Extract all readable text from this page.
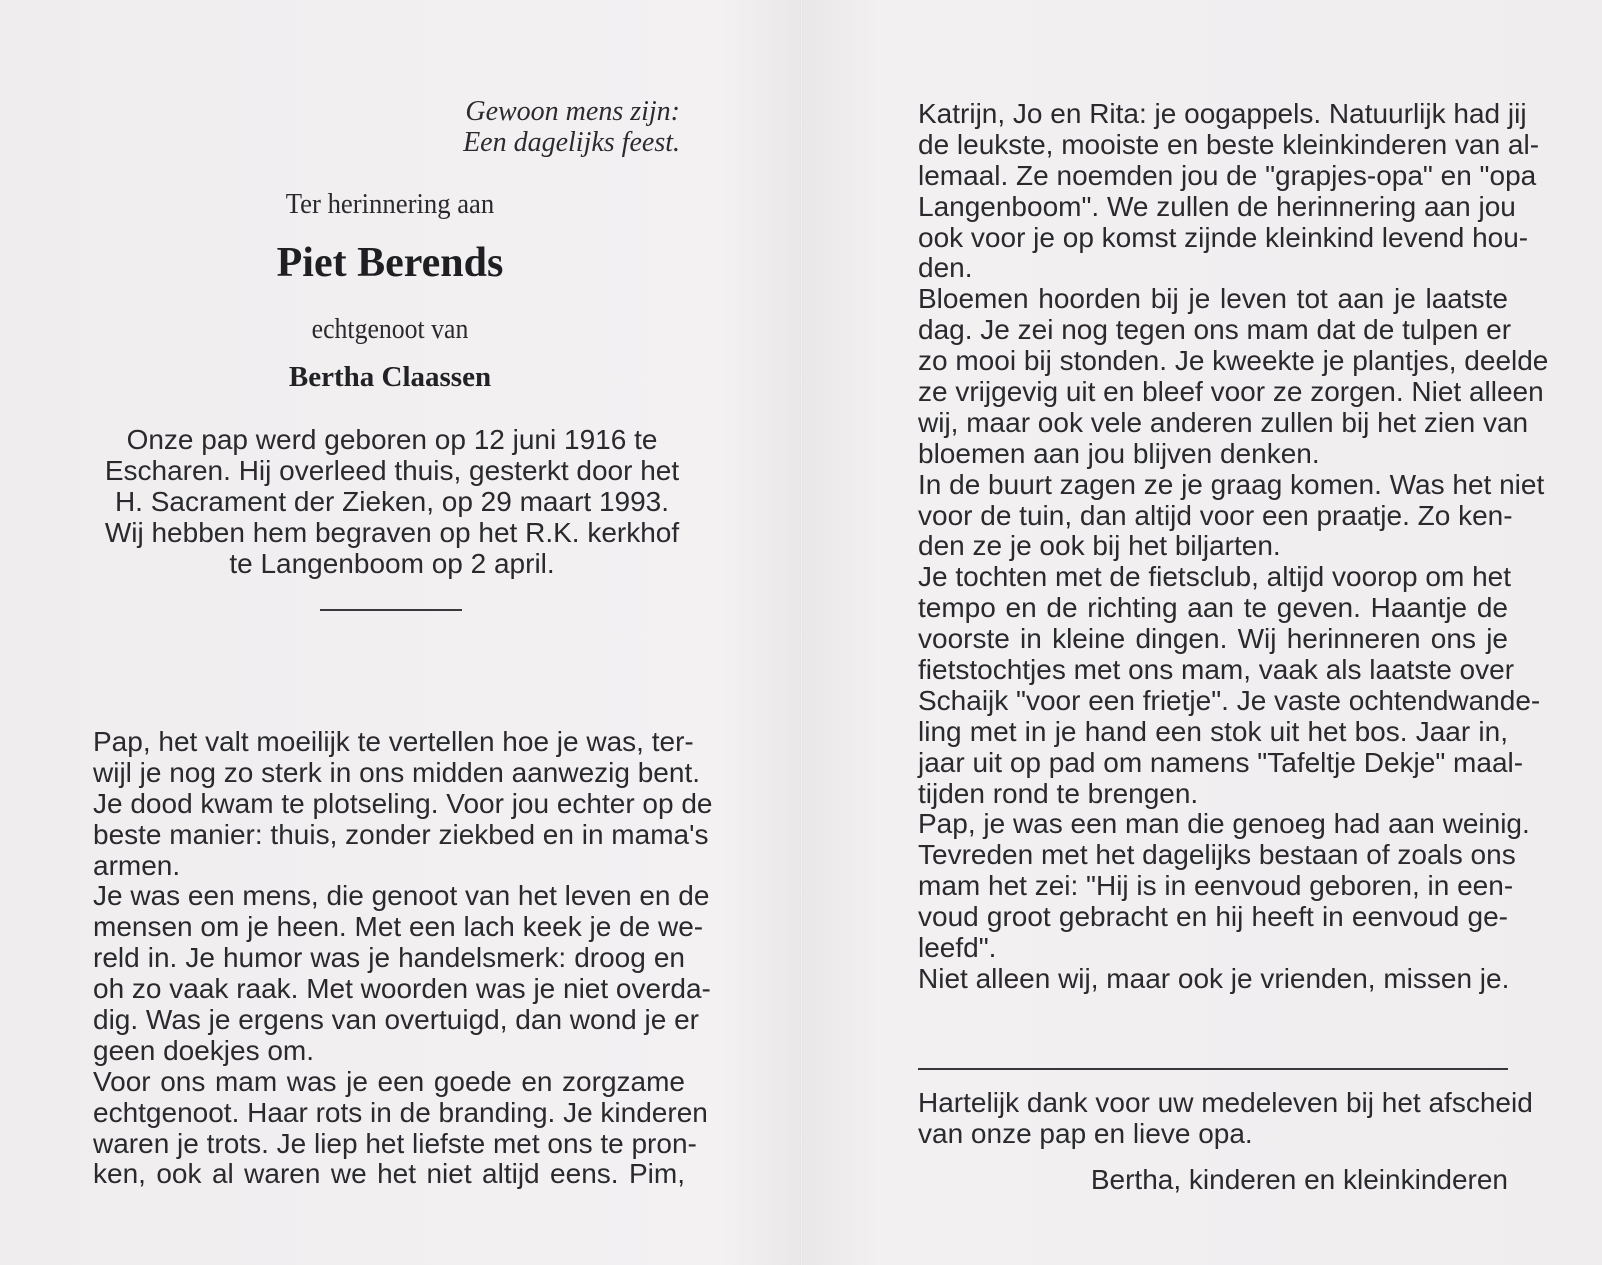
Gewoon mens zijn:
Een dagelijks feest.
Ter herinnering aan
Piet Berends
echtgenoot van
Bertha Claassen
Onze pap werd geboren op 12 juni 1916 te
Escharen. Hij overleed thuis, gesterkt door het
H. Sacrament der Zieken, op 29 maart 1993.
Wij hebben hem begraven op het R.K. kerkhof
te Langenboom op 2 april.
Pap, het valt moeilijk te vertellen hoe je was, ter-
wijl je nog zo sterk in ons midden aanwezig bent.
Je dood kwam te plotseling. Voor jou echter op de
beste manier: thuis, zonder ziekbed en in mama's
armen.
Je was een mens, die genoot van het leven en de
mensen om je heen. Met een lach keek je de we-
reld in. Je humor was je handelsmerk: droog en
oh zo vaak raak. Met woorden was je niet overda-
dig. Was je ergens van overtuigd, dan wond je er
geen doekjes om.
Voor ons mam was je een goede en zorgzame
echtgenoot. Haar rots in de branding. Je kinderen
waren je trots. Je liep het liefste met ons te pron-
ken, ook al waren we het niet altijd eens. Pim,
Katrijn, Jo en Rita: je oogappels. Natuurlijk had jij
de leukste, mooiste en beste kleinkinderen van al-
lemaal. Ze noemden jou de "grapjes-opa" en "opa
Langenboom". We zullen de herinnering aan jou
ook voor je op komst zijnde kleinkind levend hou-
den.
Bloemen hoorden bij je leven tot aan je laatste
dag. Je zei nog tegen ons mam dat de tulpen er
zo mooi bij stonden. Je kweekte je plantjes, deelde
ze vrijgevig uit en bleef voor ze zorgen. Niet alleen
wij, maar ook vele anderen zullen bij het zien van
bloemen aan jou blijven denken.
In de buurt zagen ze je graag komen. Was het niet
voor de tuin, dan altijd voor een praatje. Zo ken-
den ze je ook bij het biljarten.
Je tochten met de fietsclub, altijd voorop om het
tempo en de richting aan te geven. Haantje de
voorste in kleine dingen. Wij herinneren ons je
fietstochtjes met ons mam, vaak als laatste over
Schaijk "voor een frietje". Je vaste ochtendwande-
ling met in je hand een stok uit het bos. Jaar in,
jaar uit op pad om namens "Tafeltje Dekje" maal-
tijden rond te brengen.
Pap, je was een man die genoeg had aan weinig.
Tevreden met het dagelijks bestaan of zoals ons
mam het zei: "Hij is in eenvoud geboren, in een-
voud groot gebracht en hij heeft in eenvoud ge-
leefd".
Niet alleen wij, maar ook je vrienden, missen je.
Hartelijk dank voor uw medeleven bij het afscheid
van onze pap en lieve opa.
Bertha, kinderen en kleinkinderen
